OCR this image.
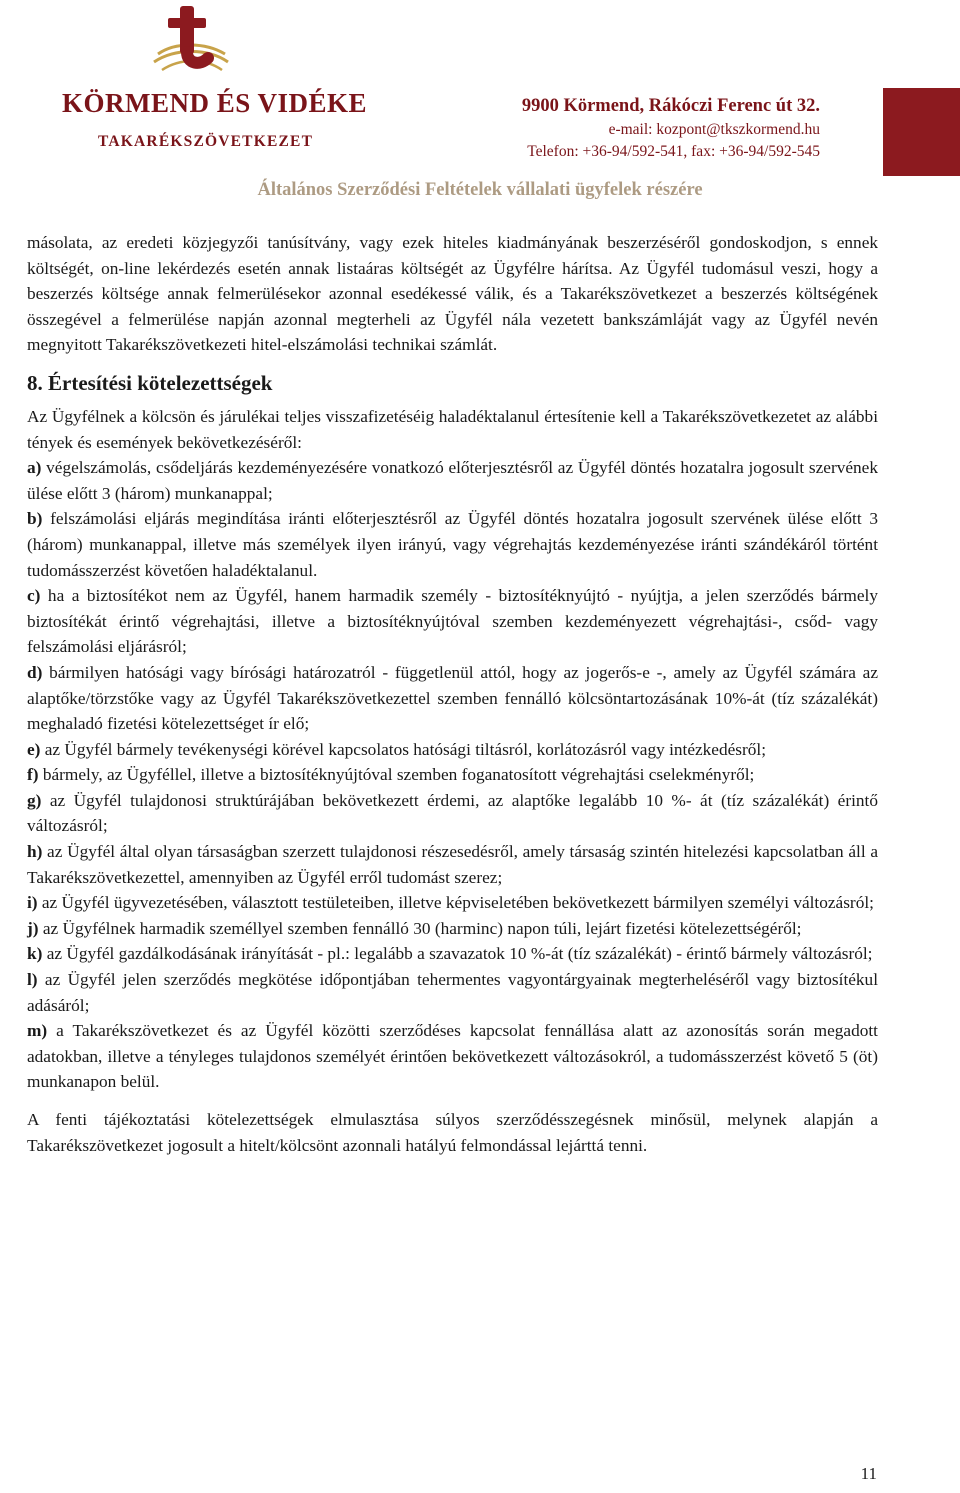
KÖRMEND ÉS VIDÉKE
TAKARÉKSZÖVETKEZET
9900 Körmend, Rákóczi Ferenc út 32.
e-mail: kozpont@tkszkormend.hu
Telefon: +36-94/592-541, fax: +36-94/592-545
Általános Szerződési Feltételek vállalati ügyfelek részére

másolata, az eredeti közjegyzői tanúsítvány, vagy ezek hiteles kiadmányának beszerzéséről gondoskodjon, s ennek költségét, on-line lekérdezés esetén annak listaáras költségét az Ügyfélre hárítsa. Az Ügyfél tudomásul veszi, hogy a beszerzés költsége annak felmerülésekor azonnal esedékessé válik, és a Takarékszövetkezet a beszerzés költségének összegével a felmerülése napján azonnal megterheli az Ügyfél nála vezetett bankszámláját vagy az Ügyfél nevén megnyitott Takarékszövetkezeti hitel-elszámolási technikai számlát.

8. Értesítési kötelezettségek

Az Ügyfélnek a kölcsön és járulékai teljes visszafizetéséig haladéktalanul értesítenie kell a Takarékszövetkezetet az alábbi tények és események bekövetkezéséről:

a) végelszámolás, csődeljárás kezdeményezésére vonatkozó előterjesztésről az Ügyfél döntés hozatalra jogosult szervének ülése előtt 3 (három) munkanappal;

b) felszámolási eljárás megindítása iránti előterjesztésről az Ügyfél döntés hozatalra jogosult szervének ülése előtt 3 (három) munkanappal, illetve más személyek ilyen irányú, vagy végrehajtás kezdeményezése iránti szándékáról történt tudomásszerzést követően haladéktalanul.

c) ha a biztosítékot nem az Ügyfél, hanem harmadik személy - biztosítéknyújtó - nyújtja, a jelen szerződés bármely biztosítékát érintő végrehajtási, illetve a biztosítéknyújtóval szemben kezdeményezett végrehajtási-, csőd- vagy felszámolási eljárásról;

d) bármilyen hatósági vagy bírósági határozatról - függetlenül attól, hogy az jogerős-e -, amely az Ügyfél számára az alaptőke/törzstőke vagy az Ügyfél Takarékszövetkezettel szemben fennálló kölcsöntartozásának 10%-át (tíz százalékát) meghaladó fizetési kötelezettséget ír elő;

e) az Ügyfél bármely tevékenységi körével kapcsolatos hatósági tiltásról, korlátozásról vagy intézkedésről;

f) bármely, az Ügyféllel, illetve a biztosítéknyújtóval szemben foganatosított végrehajtási cselekményről;

g) az Ügyfél tulajdonosi struktúrájában bekövetkezett érdemi, az alaptőke legalább 10 %- át (tíz százalékát) érintő változásról;

h) az Ügyfél által olyan társaságban szerzett tulajdonosi részesedésről, amely társaság szintén hitelezési kapcsolatban áll a Takarékszövetkezettel, amennyiben az Ügyfél erről tudomást szerez;

i) az Ügyfél ügyvezetésében, választott testületeiben, illetve képviseletében bekövetkezett bármilyen személyi változásról;

j) az Ügyfélnek harmadik személlyel szemben fennálló 30 (harminc) napon túli, lejárt fizetési kötelezettségéről;

k) az Ügyfél gazdálkodásának irányítását - pl.: legalább a szavazatok 10 %-át (tíz százalékát) - érintő bármely változásról;

l) az Ügyfél jelen szerződés megkötése időpontjában tehermentes vagyontárgyainak megterheléséről vagy biztosítékul adásáról;

m) a Takarékszövetkezet és az Ügyfél közötti szerződéses kapcsolat fennállása alatt az azonosítás során megadott adatokban, illetve a tényleges tulajdonos személyét érintően bekövetkezett változásokról, a tudomásszerzést követő 5 (öt) munkanapon belül.

A fenti tájékoztatási kötelezettségek elmulasztása súlyos szerződésszegésnek minősül, melynek alapján a Takarékszövetkezet jogosult a hitelt/kölcsönt azonnali hatályú felmondással lejárttá tenni.

11
